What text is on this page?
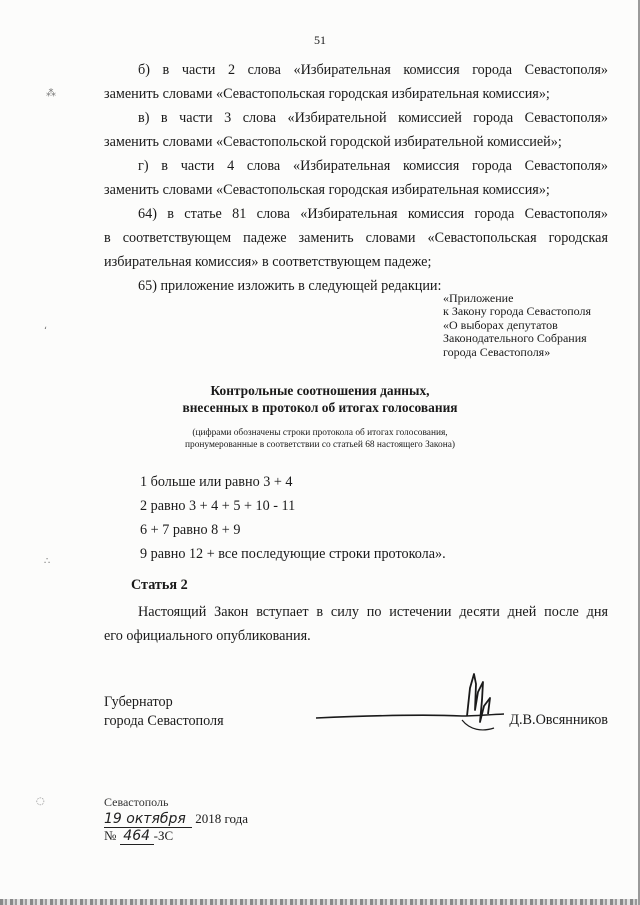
51
б) в части 2 слова «Избирательная комиссия города Севастополя»
заменить словами «Севастопольская городская избирательная комиссия»;
в) в части 3 слова «Избирательной комиссией города Севастополя»
заменить словами «Севастопольской городской избирательной комиссией»;
г) в части 4 слова «Избирательная комиссия города Севастополя»
заменить словами «Севастопольская городская избирательная комиссия»;
64) в статье 81 слова «Избирательная комиссия города Севастополя»
в соответствующем падеже заменить словами «Севастопольская городская
избирательная комиссия» в соответствующем падеже;
65) приложение изложить в следующей редакции:
«Приложение
к Закону города Севастополя
«О выборах депутатов
Законодательного Собрания
города Севастополя»
Контрольные соотношения данных,
внесенных в протокол об итогах голосования
(цифрами обозначены строки протокола об итогах голосования,
пронумерованные в соответствии со статьей 68 настоящего Закона)
1 больше или равно 3 + 4
2 равно 3 + 4 + 5 + 10 - 11
6 + 7 равно 8 + 9
9 равно 12 + все последующие строки протокола».
Статья 2
Настоящий Закон вступает в силу по истечении десяти дней после дня
его официального опубликования.
Губернатор
города Севастополя	Д.В.Овсянников
Севастополь
19 октября 2018 года
№ 464 -ЗС
⁂
ʻ
∴
◌
